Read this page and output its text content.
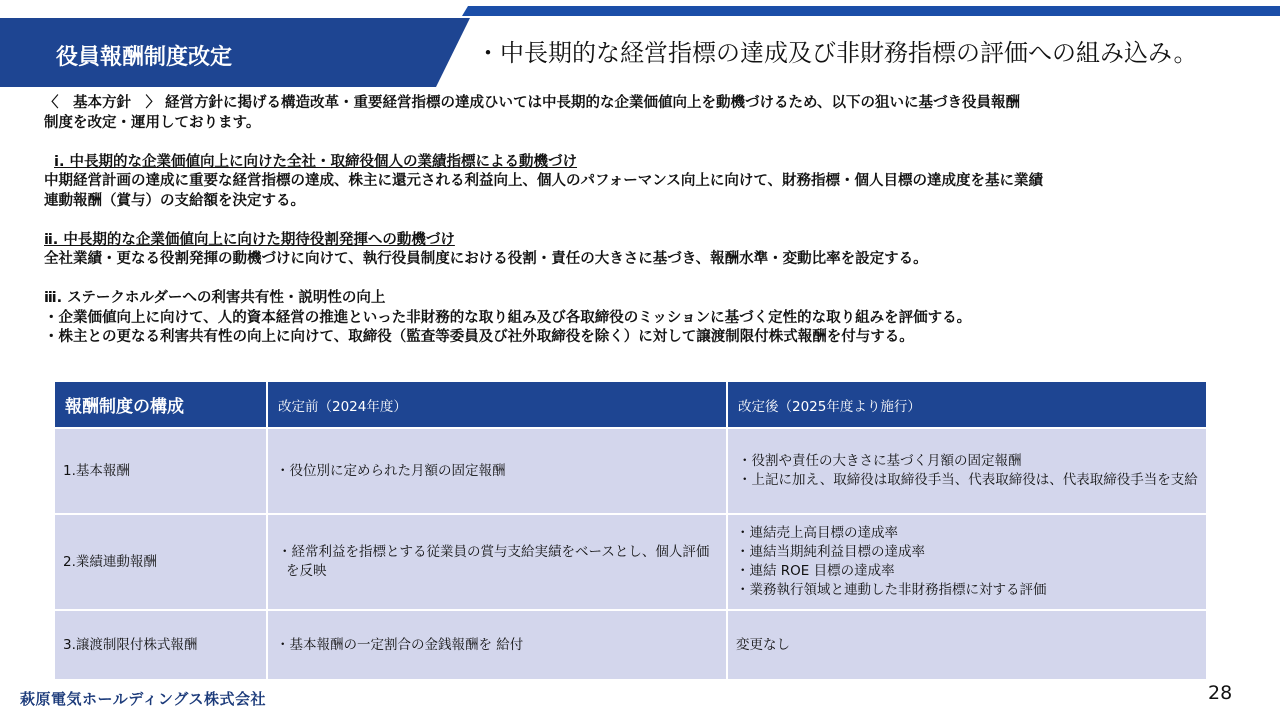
役員報酬制度改定	・中長期的な経営指標の達成及び非財務指標の評価への組み込み。
〈　基本方針　〉 経営方針に掲げる構造改革・重要経営指標の達成ひいては中長期的な企業価値向上を動機づけるため、以下の狙いに基づき役員報酬
制度を改定・運用しております。
ⅰ. 中長期的な企業価値向上に向けた全社・取締役個人の業績指標による動機づけ
中期経営計画の達成に重要な経営指標の達成、株主に還元される利益向上、個人のパフォーマンス向上に向けて、財務指標・個人目標の達成度を基に業績
連動報酬（賞与）の支給額を決定する。
ⅱ. 中長期的な企業価値向上に向けた期待役割発揮への動機づけ
全社業績・更なる役割発揮の動機づけに向けて、執行役員制度における役割・責任の大きさに基づき、報酬水準・変動比率を設定する。
ⅲ. ステークホルダーへの利害共有性・説明性の向上
・企業価値向上に向けて、人的資本経営の推進といった非財務的な取り組み及び各取締役のミッションに基づく定性的な取り組みを評価する。
・株主との更なる利害共有性の向上に向けて、取締役（監査等委員及び社外取締役を除く）に対して譲渡制限付株式報酬を付与する。
報酬制度の構成	改定前（2024年度）	改定後（2025年度より施行）
1.基本報酬	・役位別に定められた月額の固定報酬	・役割や責任の大きさに基づく月額の固定報酬
・上記に加え、取締役は取締役手当、代表取締役は、代表取締役手当を支給

2.業績連動報酬	・経常利益を指標とする従業員の賞与支給実績をベースとし、個人評価を反映	・連結売上高目標の達成率
・連結当期純利益目標の達成率
・連結 ROE 目標の達成率
・業務執行領域と連動した非財務指標に対する評価

3.譲渡制限付株式報酬	・基本報酬の一定割合の金銭報酬を 給付	変更なし
萩原電気ホールディングス株式会社	28
